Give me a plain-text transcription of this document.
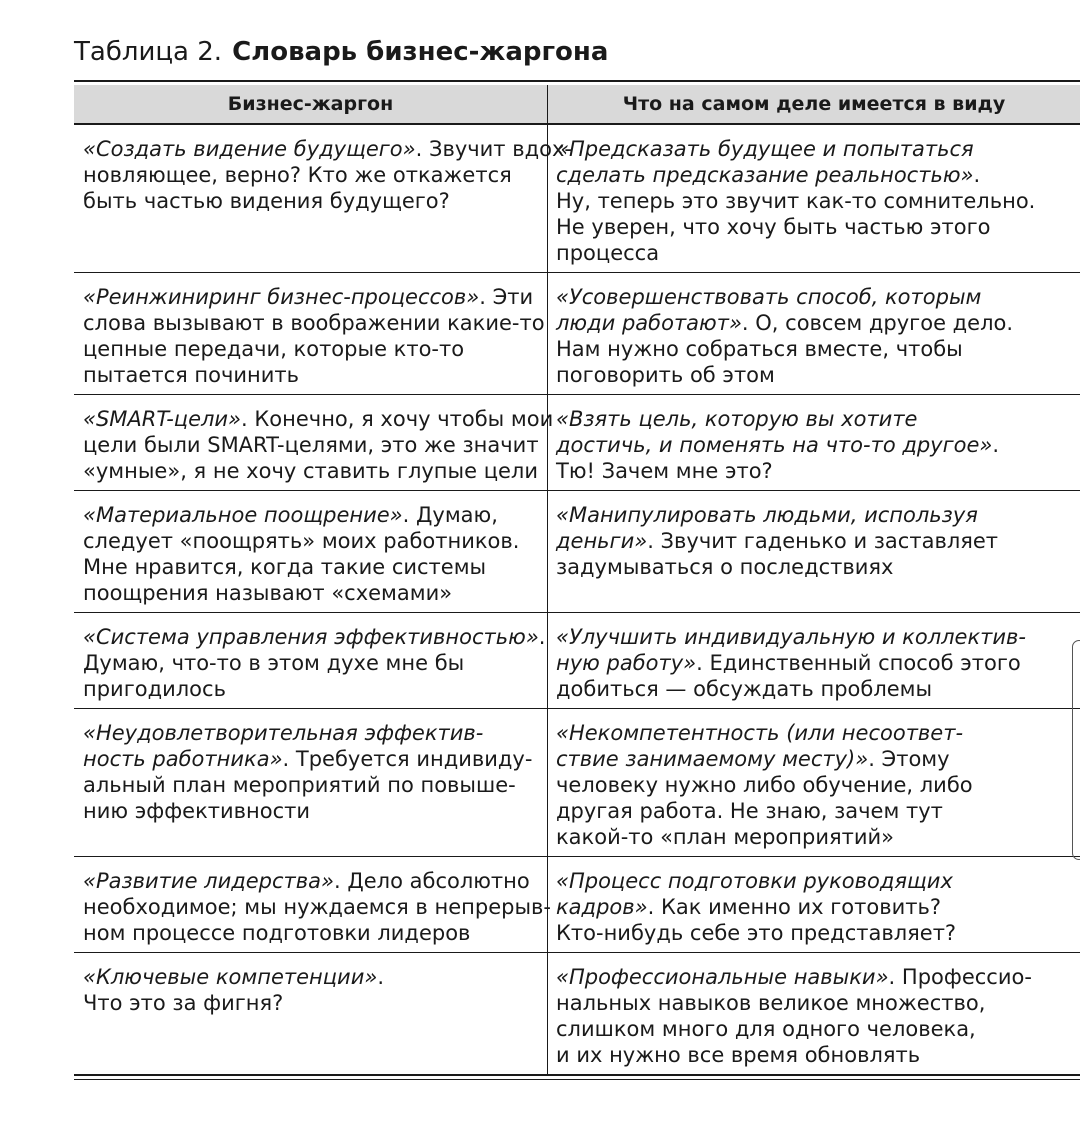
Таблица 2. Словарь бизнес-жаргона
Бизнес-жаргон	Что на самом деле имеется в виду
«Создать видение будущего». Звучит вдох-
новляющее, верно? Кто же откажется
быть частью видения будущего?
«Предсказать будущее и попытаться
сделать предсказание реальностью».
Ну, теперь это звучит как-то сомнительно.
Не уверен, что хочу быть частью этого
процесса
«Реинжиниринг бизнес-процессов». Эти
слова вызывают в воображении какие-то
цепные передачи, которые кто-то
пытается починить
«Усовершенствовать способ, которым
люди работают». О, совсем другое дело.
Нам нужно собраться вместе, чтобы
поговорить об этом
«SMART-цели». Конечно, я хочу чтобы мои
цели были SMART-целями, это же значит
«умные», я не хочу ставить глупые цели
«Взять цель, которую вы хотите
достичь, и поменять на что-то другое».
Тю! Зачем мне это?
«Материальное поощрение». Думаю,
следует «поощрять» моих работников.
Мне нравится, когда такие системы
поощрения называют «схемами»
«Манипулировать людьми, используя
деньги». Звучит гаденько и заставляет
задумываться о последствиях
«Система управления эффективностью».
Думаю, что-то в этом духе мне бы
пригодилось
«Улучшить индивидуальную и коллектив-
ную работу». Единственный способ этого
добиться — обсуждать проблемы
«Неудовлетворительная эффектив-
ность работника». Требуется индивиду-
альный план мероприятий по повыше-
нию эффективности
«Некомпетентность (или несоответ-
ствие занимаемому месту)». Этому
человеку нужно либо обучение, либо
другая работа. Не знаю, зачем тут
какой-то «план мероприятий»
«Развитие лидерства». Дело абсолютно
необходимое; мы нуждаемся в непрерыв-
ном процессе подготовки лидеров
«Процесс подготовки руководящих
кадров». Как именно их готовить?
Кто-нибудь себе это представляет?
«Ключевые компетенции».
Что это за фигня?
«Профессиональные навыки». Профессио-
нальных навыков великое множество,
слишком много для одного человека,
и их нужно все время обновлять
